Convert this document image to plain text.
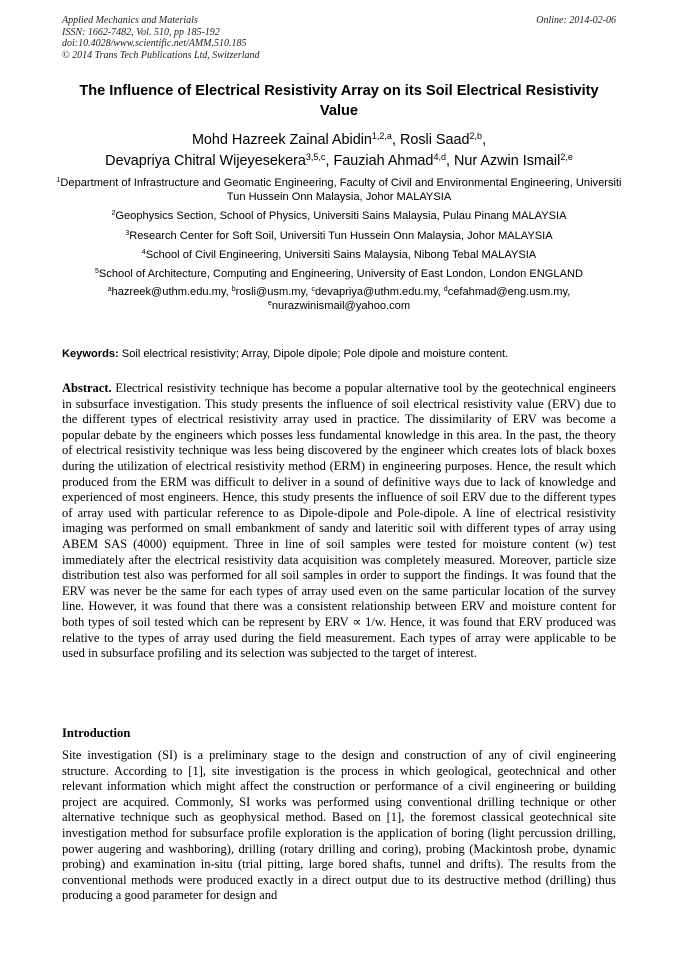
Applied Mechanics and Materials
ISSN: 1662-7482, Vol. 510, pp 185-192
doi:10.4028/www.scientific.net/AMM.510.185
© 2014 Trans Tech Publications Ltd, Switzerland
Online: 2014-02-06
The Influence of Electrical Resistivity Array on its Soil Electrical Resistivity Value
Mohd Hazreek Zainal Abidin$^{1,2,a}$, Rosli Saad$^{2,b}$,
Devapriya Chitral Wijeyesekera$^{3,5,c}$, Fauziah Ahmad$^{4,d}$, Nur Azwin Ismail$^{2,e}$
$^1$Department of Infrastructure and Geomatic Engineering, Faculty of Civil and Environmental Engineering, Universiti Tun Hussein Onn Malaysia, Johor MALAYSIA
$^2$Geophysics Section, School of Physics, Universiti Sains Malaysia, Pulau Pinang MALAYSIA
$^3$Research Center for Soft Soil, Universiti Tun Hussein Onn Malaysia, Johor MALAYSIA
$^4$School of Civil Engineering, Universiti Sains Malaysia, Nibong Tebal MALAYSIA
$^5$School of Architecture, Computing and Engineering, University of East London, London ENGLAND
$^a$hazreek@uthm.edu.my, $^b$rosli@usm.my, $^c$devapriya@uthm.edu.my, $^d$cefahmad@eng.usm.my,
$^e$nurazwinismail@yahoo.com
Keywords: Soil electrical resistivity; Array, Dipole dipole; Pole dipole and moisture content.
Abstract. Electrical resistivity technique has become a popular alternative tool by the geotechnical engineers in subsurface investigation. This study presents the influence of soil electrical resistivity value (ERV) due to the different types of electrical resistivity array used in practice. The dissimilarity of ERV was become a popular debate by the engineers which posses less fundamental knowledge in this area. In the past, the theory of electrical resistivity technique was less being discovered by the engineer which creates lots of black boxes during the utilization of electrical resistivity method (ERM) in engineering purposes. Hence, the result which produced from the ERM was difficult to deliver in a sound of definitive ways due to lack of knowledge and experienced of most engineers. Hence, this study presents the influence of soil ERV due to the different types of array used with particular reference to as Dipole-dipole and Pole-dipole. A line of electrical resistivity imaging was performed on small embankment of sandy and lateritic soil with different types of array using ABEM SAS (4000) equipment. Three in line of soil samples were tested for moisture content (w) test immediately after the electrical resistivity data acquisition was completely measured. Moreover, particle size distribution test also was performed for all soil samples in order to support the findings. It was found that the ERV was never be the same for each types of array used even on the same particular location of the survey line. However, it was found that there was a consistent relationship between ERV and moisture content for both types of soil tested which can be represent by ERV ∝ 1/w. Hence, it was found that ERV produced was relative to the types of array used during the field measurement. Each types of array were applicable to be used in subsurface profiling and its selection was subjected to the target of interest.
Introduction
Site investigation (SI) is a preliminary stage to the design and construction of any of civil engineering structure. According to [1], site investigation is the process in which geological, geotechnical and other relevant information which might affect the construction or performance of a civil engineering or building project are acquired. Commonly, SI works was performed using conventional drilling technique or other alternative technique such as geophysical method. Based on [1], the foremost classical geotechnical site investigation method for subsurface profile exploration is the application of boring (light percussion drilling, power augering and washboring), drilling (rotary drilling and coring), probing (Mackintosh probe, dynamic probing) and examination in-situ (trial pitting, large bored shafts, tunnel and drifts). The results from the conventional methods were produced exactly in a direct output due to its destructive method (drilling) thus producing a good parameter for design and
